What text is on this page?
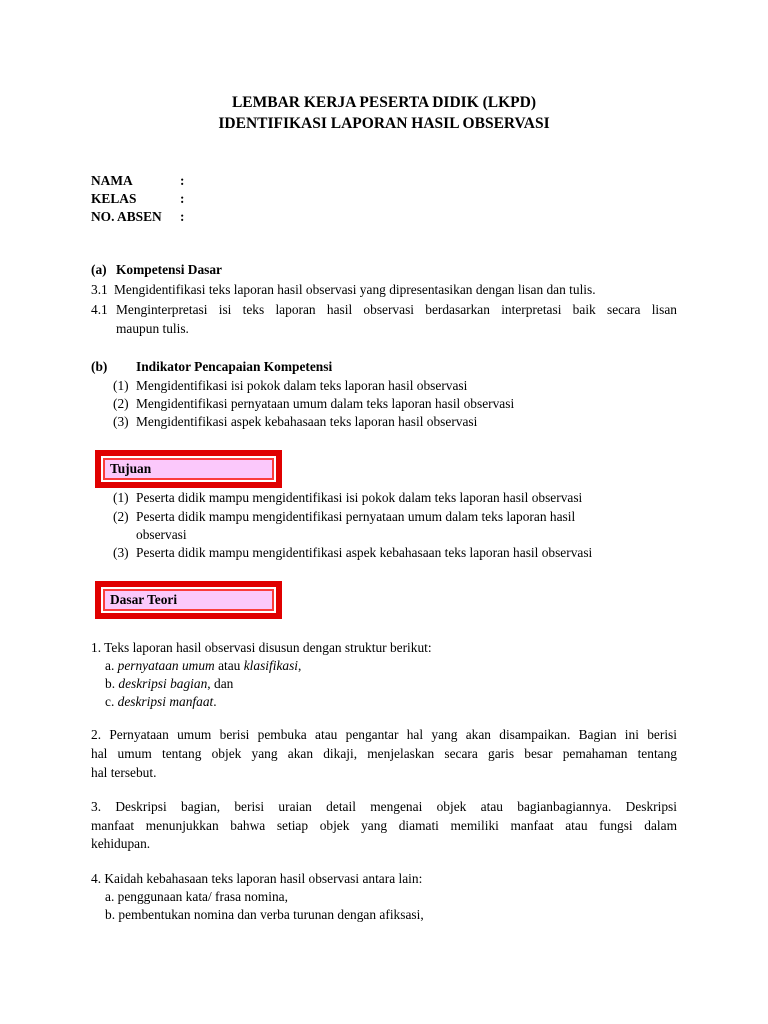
LEMBAR KERJA PESERTA DIDIK (LKPD)
IDENTIFIKASI LAPORAN HASIL OBSERVASI
NAMA	:
KELAS	:
NO. ABSEN :
(a) Kompetensi Dasar
3.1 Mengidentifikasi teks laporan hasil observasi yang dipresentasikan dengan lisan dan tulis.
4.1 Menginterpretasi isi teks laporan hasil observasi berdasarkan interpretasi baik secara lisan
maupun tulis.
(b) Indikator Pencapaian Kompetensi
(1) Mengidentifikasi isi pokok dalam teks laporan hasil observasi
(2) Mengidentifikasi pernyataan umum dalam teks laporan hasil observasi
(3) Mengidentifikasi aspek kebahasaan teks laporan hasil observasi
Tujuan
(1) Peserta didik mampu mengidentifikasi isi pokok dalam teks laporan hasil observasi
(2) Peserta didik mampu mengidentifikasi pernyataan umum dalam teks laporan hasil
observasi
(3) Peserta didik mampu mengidentifikasi aspek kebahasaan teks laporan hasil observasi
Dasar Teori
1. Teks laporan hasil observasi disusun dengan struktur berikut:
a. pernyataan umum atau klasifikasi,
b. deskripsi bagian, dan
c. deskripsi manfaat.
2. Pernyataan umum berisi pembuka atau pengantar hal yang akan disampaikan. Bagian ini berisi
hal umum tentang objek yang akan dikaji, menjelaskan secara garis besar pemahaman tentang
hal tersebut.
3. Deskripsi bagian, berisi uraian detail mengenai objek atau bagianbagiannya. Deskripsi
manfaat menunjukkan bahwa setiap objek yang diamati memiliki manfaat atau fungsi dalam
kehidupan.
4. Kaidah kebahasaan teks laporan hasil observasi antara lain:
a. penggunaan kata/ frasa nomina,
b. pembentukan nomina dan verba turunan dengan afiksasi,
